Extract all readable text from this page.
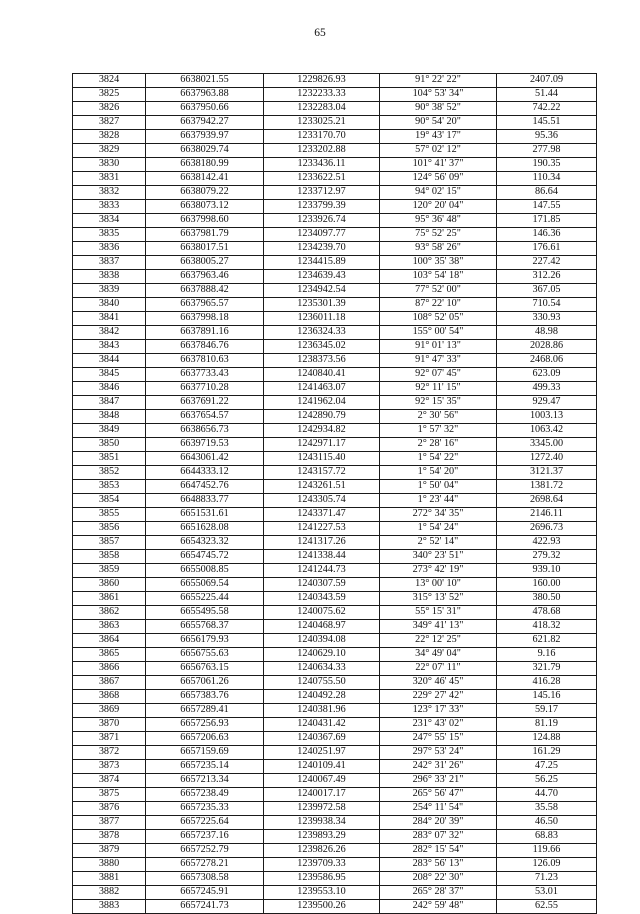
65
3824	6638021.55	1229826.93	91° 22' 22"	2407.09
3825	6637963.88	1232233.33	104° 53' 34"	51.44
3826	6637950.66	1232283.04	90° 38' 52"	742.22
3827	6637942.27	1233025.21	90° 54' 20"	145.51
3828	6637939.97	1233170.70	19° 43' 17"	95.36
3829	6638029.74	1233202.88	57° 02' 12"	277.98
3830	6638180.99	1233436.11	101° 41' 37"	190.35
3831	6638142.41	1233622.51	124° 56' 09"	110.34
3832	6638079.22	1233712.97	94° 02' 15"	86.64
3833	6638073.12	1233799.39	120° 20' 04"	147.55
3834	6637998.60	1233926.74	95° 36' 48"	171.85
3835	6637981.79	1234097.77	75° 52' 25"	146.36
3836	6638017.51	1234239.70	93° 58' 26"	176.61
3837	6638005.27	1234415.89	100° 35' 38"	227.42
3838	6637963.46	1234639.43	103° 54' 18"	312.26
3839	6637888.42	1234942.54	77° 52' 00"	367.05
3840	6637965.57	1235301.39	87° 22' 10"	710.54
3841	6637998.18	1236011.18	108° 52' 05"	330.93
3842	6637891.16	1236324.33	155° 00' 54"	48.98
3843	6637846.76	1236345.02	91° 01' 13"	2028.86
3844	6637810.63	1238373.56	91° 47' 33"	2468.06
3845	6637733.43	1240840.41	92° 07' 45"	623.09
3846	6637710.28	1241463.07	92° 11' 15"	499.33
3847	6637691.22	1241962.04	92° 15' 35"	929.47
3848	6637654.57	1242890.79	2° 30' 56"	1003.13
3849	6638656.73	1242934.82	1° 57' 32"	1063.42
3850	6639719.53	1242971.17	2° 28' 16"	3345.00
3851	6643061.42	1243115.40	1° 54' 22"	1272.40
3852	6644333.12	1243157.72	1° 54' 20"	3121.37
3853	6647452.76	1243261.51	1° 50' 04"	1381.72
3854	6648833.77	1243305.74	1° 23' 44"	2698.64
3855	6651531.61	1243371.47	272° 34' 35"	2146.11
3856	6651628.08	1241227.53	1° 54' 24"	2696.73
3857	6654323.32	1241317.26	2° 52' 14"	422.93
3858	6654745.72	1241338.44	340° 23' 51"	279.32
3859	6655008.85	1241244.73	273° 42' 19"	939.10
3860	6655069.54	1240307.59	13° 00' 10"	160.00
3861	6655225.44	1240343.59	315° 13' 52"	380.50
3862	6655495.58	1240075.62	55° 15' 31"	478.68
3863	6655768.37	1240468.97	349° 41' 13"	418.32
3864	6656179.93	1240394.08	22° 12' 25"	621.82
3865	6656755.63	1240629.10	34° 49' 04"	9.16
3866	6656763.15	1240634.33	22° 07' 11"	321.79
3867	6657061.26	1240755.50	320° 46' 45"	416.28
3868	6657383.76	1240492.28	229° 27' 42"	145.16
3869	6657289.41	1240381.96	123° 17' 33"	59.17
3870	6657256.93	1240431.42	231° 43' 02"	81.19
3871	6657206.63	1240367.69	247° 55' 15"	124.88
3872	6657159.69	1240251.97	297° 53' 24"	161.29
3873	6657235.14	1240109.41	242° 31' 26"	47.25
3874	6657213.34	1240067.49	296° 33' 21"	56.25
3875	6657238.49	1240017.17	265° 56' 47"	44.70
3876	6657235.33	1239972.58	254° 11' 54"	35.58
3877	6657225.64	1239938.34	284° 20' 39"	46.50
3878	6657237.16	1239893.29	283° 07' 32"	68.83
3879	6657252.79	1239826.26	282° 15' 54"	119.66
3880	6657278.21	1239709.33	283° 56' 13"	126.09
3881	6657308.58	1239586.95	208° 22' 30"	71.23
3882	6657245.91	1239553.10	265° 28' 37"	53.01
3883	6657241.73	1239500.26	242° 59' 48"	62.55
